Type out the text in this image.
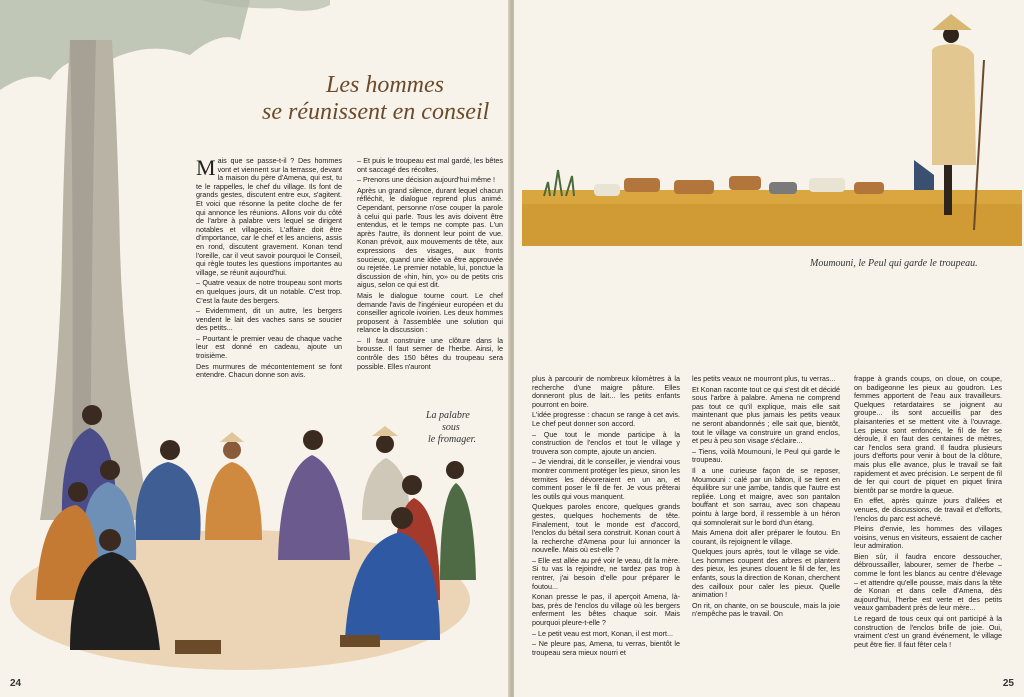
Les hommes
se réunissent en conseil

Mais que se passe-t-il ? Des hommes vont et viennent sur la terrasse, devant la maison du père d'Amena, qui est, tu te le rappelles, le chef du village. Ils font de grands gestes, discutent entre eux, s'agitent. Et voici que résonne la petite cloche de fer qui annonce les réunions. Allons voir du côté de l'arbre à palabre vers lequel se dirigent notables et villageois. L'affaire doit être d'importance, car le chef et les anciens, assis en rond, discutent gravement. Konan tend l'oreille, car il veut savoir pourquoi le Conseil, qui règle toutes les questions importantes au village, se réunit aujourd'hui.

– Quatre veaux de notre troupeau sont morts en quelques jours, dit un notable. C'est trop. C'est la faute des bergers.

– Evidemment, dit un autre, les bergers vendent le lait des vaches sans se soucier des petits...

– Pourtant le premier veau de chaque vache leur est donné en cadeau, ajoute un troisième.

Des murmures de mécontentement se font entendre. Chacun donne son avis.

– Et puis le troupeau est mal gardé, les bêtes ont saccagé des récoltes.

– Prenons une décision aujourd'hui même !

Après un grand silence, durant lequel chacun réfléchit, le dialogue reprend plus animé. Cependant, personne n'ose couper la parole à celui qui parle. Tous les avis doivent être entendus, et le temps ne compte pas. L'un après l'autre, ils donnent leur point de vue. Konan prévoit, aux mouvements de tête, aux expressions des visages, aux fronts soucieux, quand une idée va être approuvée ou rejetée. Le premier notable, lui, ponctue la discussion de «hin, hin, yo» ou de petits cris aigus, selon ce qui est dit.

Mais le dialogue tourne court. Le chef demande l'avis de l'ingénieur européen et du conseiller agricole ivoirien. Les deux hommes proposent à l'assemblée une solution qui relance la discussion :

– Il faut construire une clôture dans la brousse. Il faut semer de l'herbe. Ainsi, le contrôle des 150 bêtes du troupeau sera possible. Elles n'auront

La palabre
sous
le fromager.
24
Moumouni, le Peul qui garde le troupeau.

plus à parcourir de nombreux kilomètres à la recherche d'une maigre pâture. Elles donneront plus de lait... les petits enfants pourront en boire.

L'idée progresse : chacun se range à cet avis. Le chef peut donner son accord.

– Que tout le monde participe à la construction de l'enclos et tout le village y trouvera son compte, ajoute un ancien.

– Je viendrai, dit le conseiller, je viendrai vous montrer comment protéger les pieux, sinon les termites les dévoreraient en un an, et comment poser le fil de fer. Je vous prêterai les outils qui vous manquent.

Quelques paroles encore, quelques grands gestes, quelques hochements de tête. Finalement, tout le monde est d'accord, l'enclos du bétail sera construit. Konan court à la recherche d'Amena pour lui annoncer la nouvelle. Mais où est-elle ?

– Elle est allée au pré voir le veau, dit la mère. Si tu vas la rejoindre, ne tardez pas trop à rentrer, j'ai besoin d'elle pour préparer le foutou...

Konan presse le pas, il aperçoit Amena, là-bas, près de l'enclos du village où les bergers enferment les bêtes chaque soir. Mais pourquoi pleure-t-elle ?

– Le petit veau est mort, Konan, il est mort...

– Ne pleure pas, Amena, tu verras, bientôt le troupeau sera mieux nourri et

les petits veaux ne mourront plus, tu verras...

Et Konan raconte tout ce qui s'est dit et décidé sous l'arbre à palabre. Amena ne comprend pas tout ce qu'il explique, mais elle sait maintenant que plus jamais les petits veaux ne seront abandonnés ; elle sait que, bientôt, tout le village va construire un grand enclos, et peu à peu son visage s'éclaire...

– Tiens, voilà Moumouni, le Peul qui garde le troupeau.

Il a une curieuse façon de se reposer, Moumouni : calé par un bâton, il se tient en équilibre sur une jambe, tandis que l'autre est repliée. Long et maigre, avec son pantalon bouffant et son sarrau, avec son chapeau pointu à large bord, il ressemble à un héron qui somnolerait sur le bord d'un étang.

Mais Amena doit aller préparer le foutou. En courant, ils rejoignent le village.

Quelques jours après, tout le village se vide. Les hommes coupent des arbres et plantent des pieux, les jeunes clouent le fil de fer, les enfants, sous la direction de Konan, cherchent des cailloux pour caler les pieux. Quelle animation !

On rit, on chante, on se bouscule, mais la joie n'empêche pas le travail. On

frappe à grands coups, on cloue, on coupe, on badigeonne les pieux au goudron. Les femmes apportent de l'eau aux travailleurs. Quelques retardataires se joignent au groupe... ils sont accueillis par des plaisanteries et se mettent vite à l'ouvrage. Les pieux sont enfoncés, le fil de fer se déroule, il en faut des centaines de mètres, car l'enclos sera grand. Il faudra plusieurs jours d'efforts pour venir à bout de la clôture, mais plus elle avance, plus le travail se fait rapidement et avec précision. Le serpent de fil de fer qui court de piquet en piquet finira bientôt par se mordre la queue.

En effet, après quinze jours d'allées et venues, de discussions, de travail et d'efforts, l'enclos du parc est achevé.

Pleins d'envie, les hommes des villages voisins, venus en visiteurs, essaient de cacher leur admiration.

Bien sûr, il faudra encore dessoucher, débroussailler, labourer, semer de l'herbe – comme le font les blancs au centre d'élevage – et attendre qu'elle pousse, mais dans la tête de Konan et dans celle d'Amena, dès aujourd'hui, l'herbe est verte et des petits veaux gambadent près de leur mère...

Le regard de tous ceux qui ont participé à la construction de l'enclos brille de joie. Oui, vraiment c'est un grand événement, le village peut être fier. Il faut fêter cela !

25
